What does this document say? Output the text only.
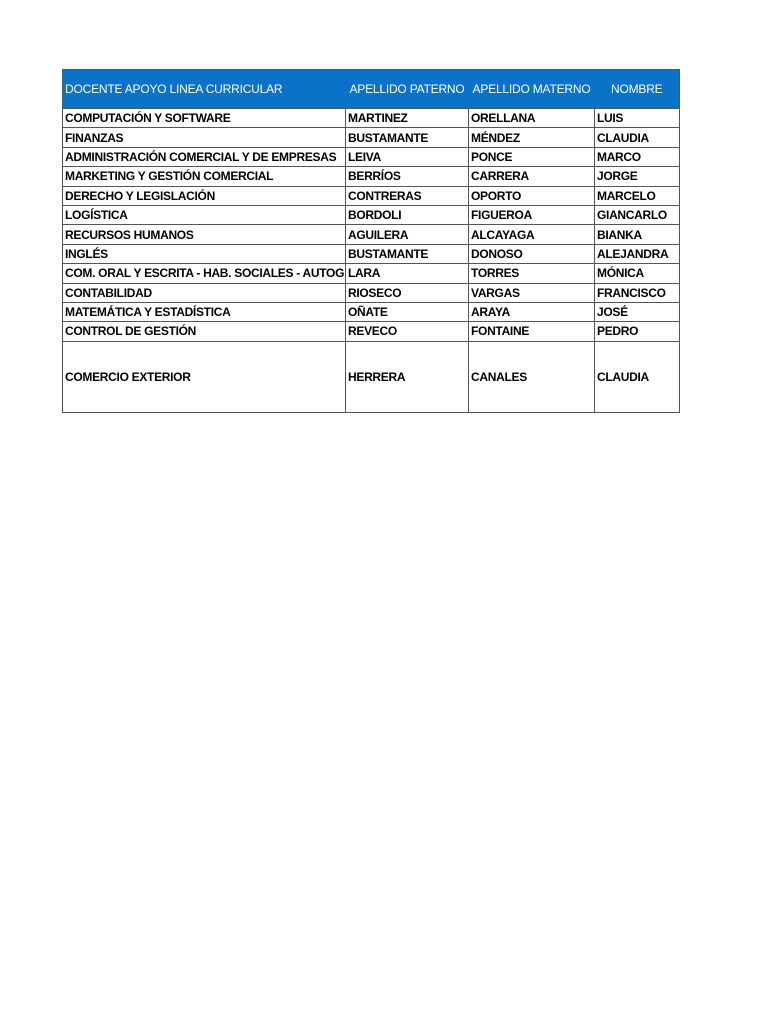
DOCENTE APOYO LINEA CURRICULAR	APELLIDO PATERNO	APELLIDO MATERNO	NOMBRE
COMPUTACIÓN Y SOFTWARE	MARTINEZ	ORELLANA	LUIS
FINANZAS	BUSTAMANTE	MÉNDEZ	CLAUDIA
ADMINISTRACIÓN COMERCIAL Y DE EMPRESAS	LEIVA	PONCE	MARCO
MARKETING Y GESTIÓN COMERCIAL	BERRÍOS	CARRERA	JORGE
DERECHO Y LEGISLACIÓN	CONTRERAS	OPORTO	MARCELO
LOGÍSTICA	BORDOLI	FIGUEROA	GIANCARLO
RECURSOS HUMANOS	AGUILERA	ALCAYAGA	BIANKA
INGLÉS	BUSTAMANTE	DONOSO	ALEJANDRA
COM. ORAL Y ESCRITA - HAB. SOCIALES - AUTOG	LARA	TORRES	MÓNICA
CONTABILIDAD	RIOSECO	VARGAS	FRANCISCO
MATEMÁTICA Y ESTADÍSTICA	OÑATE	ARAYA	JOSÉ
CONTROL DE GESTIÓN	REVECO	FONTAINE	PEDRO
COMERCIO EXTERIOR	HERRERA	CANALES	CLAUDIA
